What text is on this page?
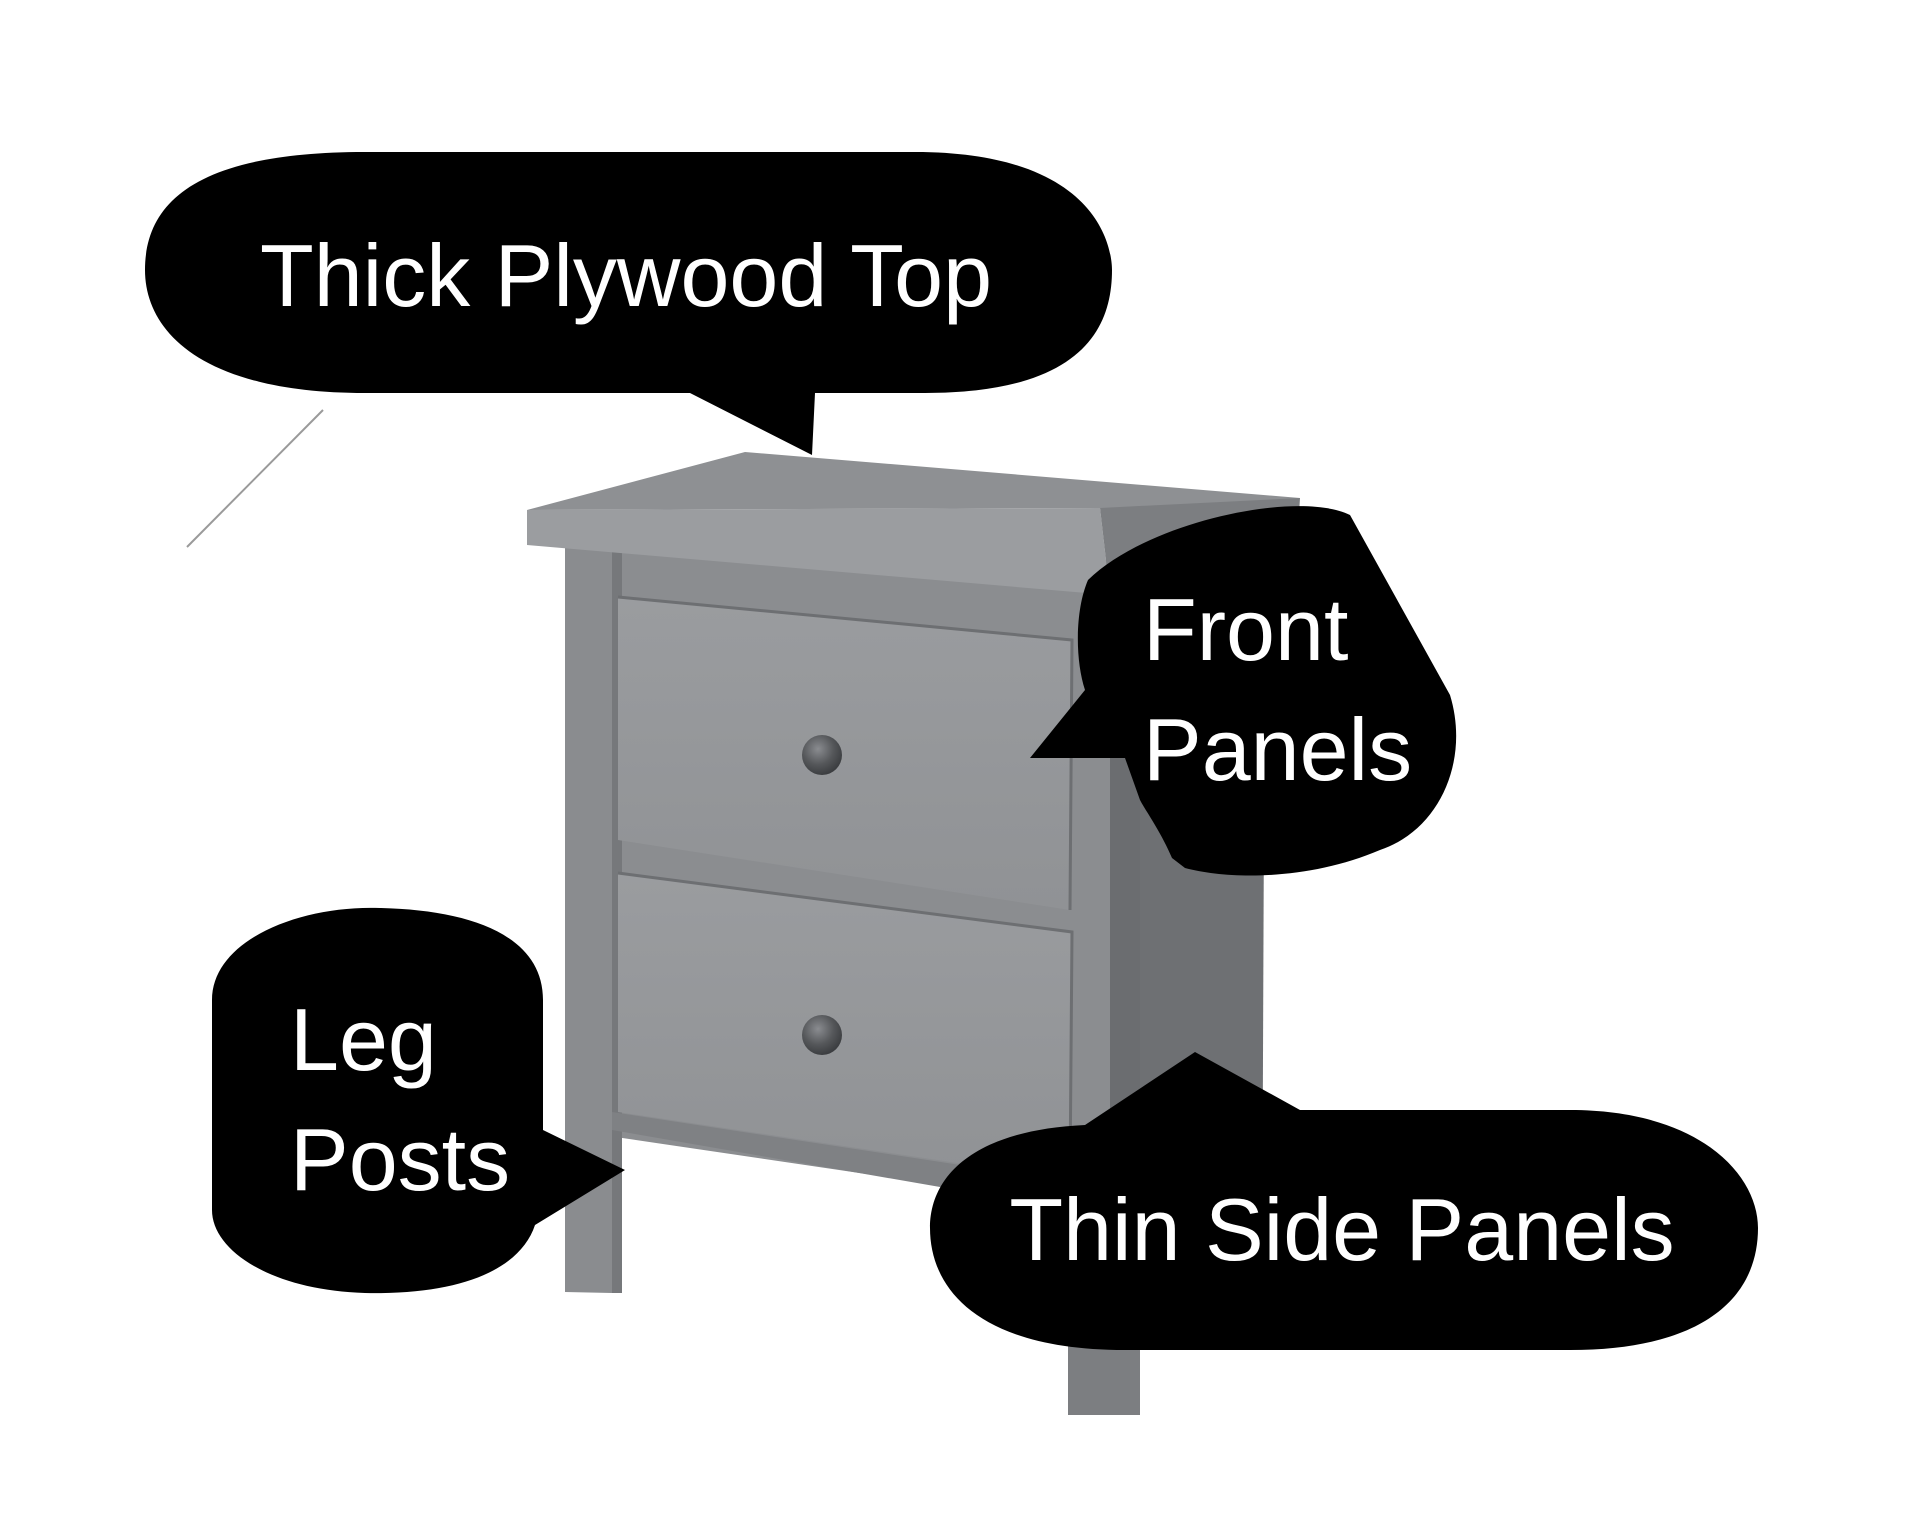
Thick Plywood Top
Front
Panels
Leg
Posts
Thin Side Panels
